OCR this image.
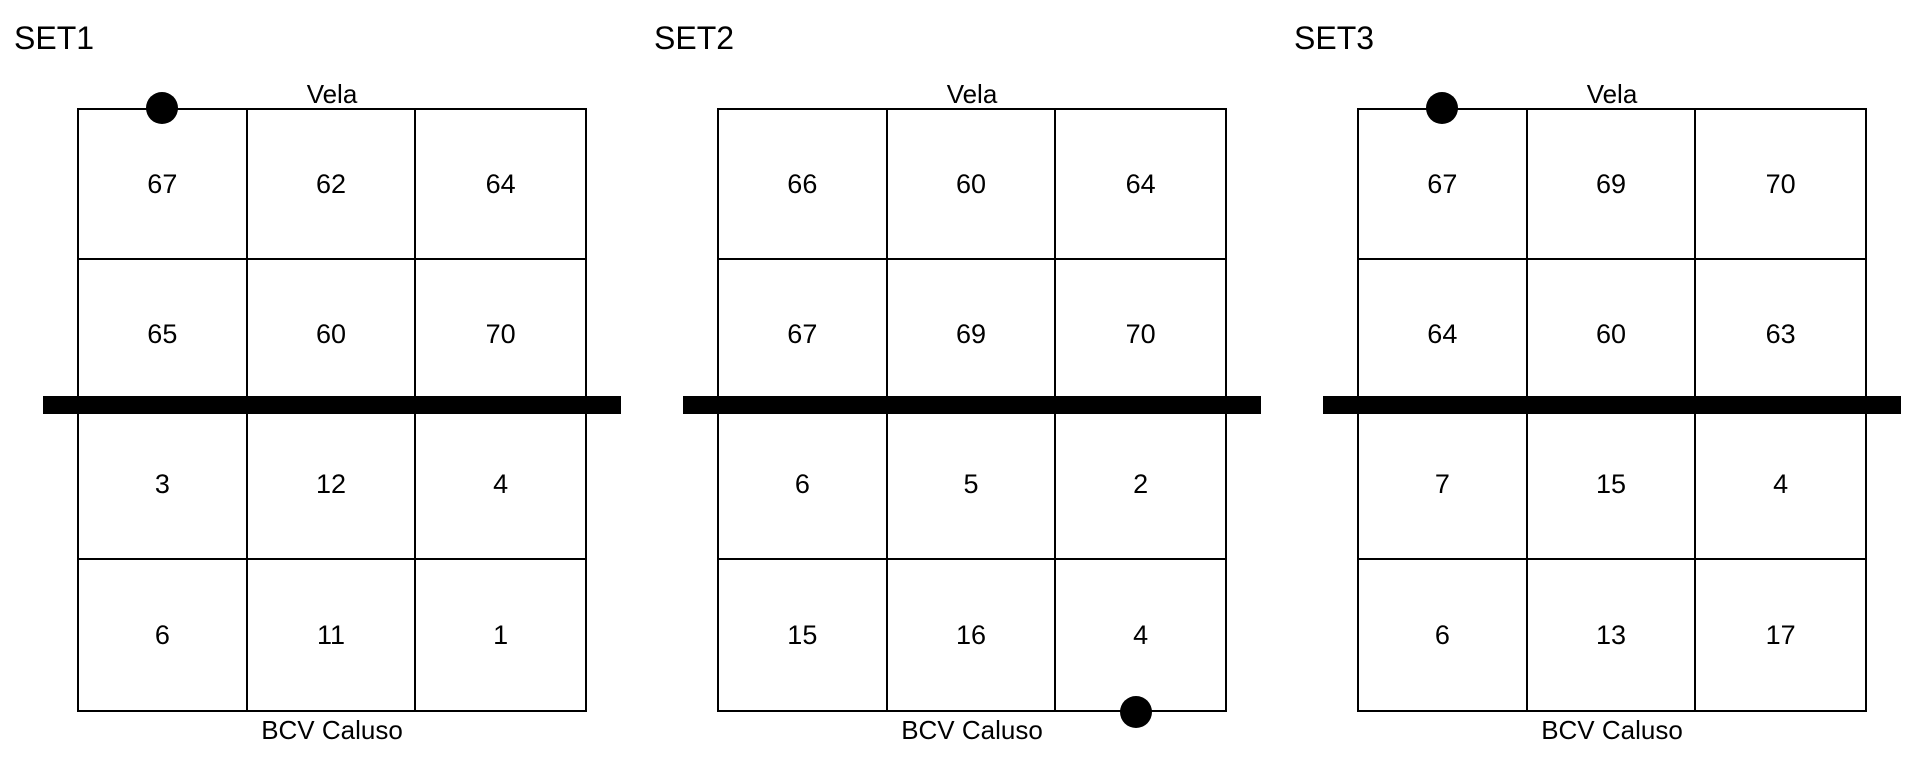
SET1
Vela
67	62	64
65	60	70
3	12	4
6	11	1
BCV Caluso
SET2
Vela
66	60	64
67	69	70
6	5	2
15	16	4
BCV Caluso
SET3
Vela
67	69	70
64	60	63
7	15	4
6	13	17
BCV Caluso
